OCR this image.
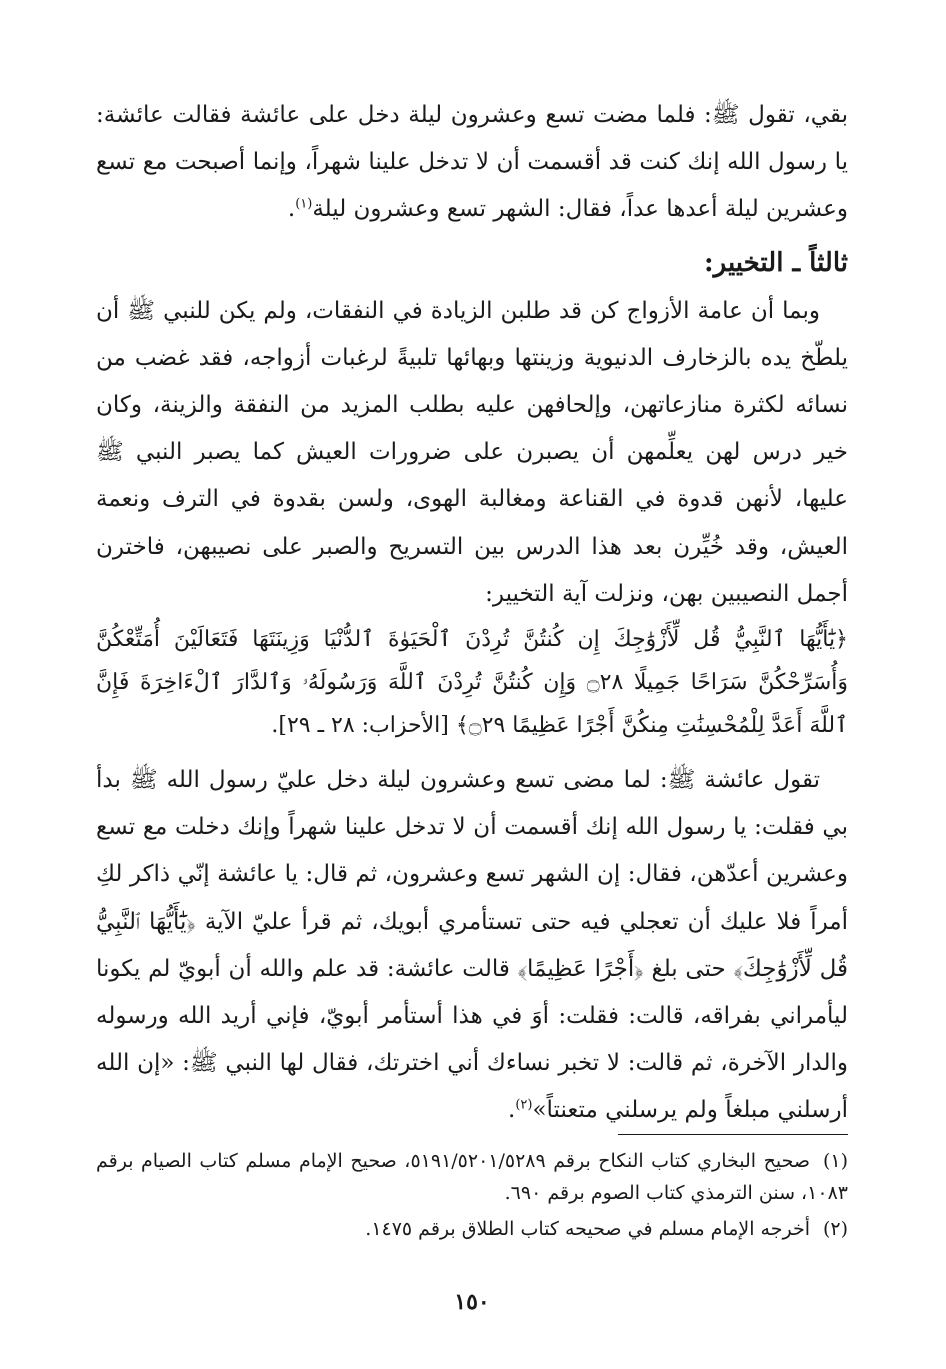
بقي، تقول ﷺ: فلما مضت تسع وعشرون ليلة دخل على عائشة فقالت عائشة: يا رسول الله إنك كنت قد أقسمت أن لا تدخل علينا شهراً، وإنما أصبحت مع تسع وعشرين ليلة أعدها عداً، فقال: الشهر تسع وعشرون ليلة$^{(١)}$.

ثالثاً ـ التخيير:

وبما أن عامة الأزواج كن قد طلبن الزيادة في النفقات، ولم يكن للنبي ﷺ أن يلطّخ يده بالزخارف الدنيوية وزينتها وبهائها تلبيةً لرغبات أزواجه، فقد غضب من نسائه لكثرة منازعاتهن، وإلحافهن عليه بطلب المزيد من النفقة والزينة، وكان خير درس لهن يعلِّمهن أن يصبرن على ضرورات العيش كما يصبر النبي ﷺ عليها، لأنهن قدوة في القناعة ومغالبة الهوى، ولسن بقدوة في الترف ونعمة العيش، وقد خُيِّرن بعد هذا الدرس بين التسريح والصبر على نصيبهن، فاخترن أجمل النصيبين بهن، ونزلت آية التخيير:

﴿يَٰٓأَيُّهَا ٱلنَّبِيُّ قُل لِّأَزْوَٰجِكَ إِن كُنتُنَّ تُرِدْنَ ٱلْحَيَوٰةَ ٱلدُّنْيَا وَزِينَتَهَا فَتَعَالَيْنَ أُمَتِّعْكُنَّ وَأُسَرِّحْكُنَّ سَرَاحًا جَمِيلًا ۝٢٨ وَإِن كُنتُنَّ تُرِدْنَ ٱللَّهَ وَرَسُولَهُۥ وَٱلدَّارَ ٱلْءَاخِرَةَ فَإِنَّ ٱللَّهَ أَعَدَّ لِلْمُحْسِنَٰتِ مِنكُنَّ أَجْرًا عَظِيمًا ۝٢٩﴾ [الأحزاب: ٢٨ ـ ٢٩].

تقول عائشة ﷺ: لما مضى تسع وعشرون ليلة دخل عليّ رسول الله ﷺ بدأ بي فقلت: يا رسول الله إنك أقسمت أن لا تدخل علينا شهراً وإنك دخلت مع تسع وعشرين أعدّهن، فقال: إن الشهر تسع وعشرون، ثم قال: يا عائشة إنّي ذاكر لكِ أمراً فلا عليك أن تعجلي فيه حتى تستأمري أبويك، ثم قرأ عليّ الآية ﴿يَٰٓأَيُّهَا ٱلنَّبِيُّ قُل لِّأَزْوَٰجِكَ﴾ حتى بلغ ﴿أَجْرًا عَظِيمًا﴾ قالت عائشة: قد علم والله أن أبويّ لم يكونا ليأمراني بفراقه، قالت: فقلت: أوَ في هذا أستأمر أبويّ، فإني أريد الله ورسوله والدار الآخرة، ثم قالت: لا تخبر نساءك أني اخترتك، فقال لها النبي ﷺ: «إن الله أرسلني مبلغاً ولم يرسلني متعنتاً»$^{(٢)}$.

(١)صحيح البخاري كتاب النكاح برقم ٥١٩١/٥٢٠١/٥٢٨٩، صحيح الإمام مسلم كتاب الصيام برقم ١٠٨٣، سنن الترمذي كتاب الصوم برقم ٦٩٠.

(٢)أخرجه الإمام مسلم في صحيحه كتاب الطلاق برقم ١٤٧٥.

١٥٠
